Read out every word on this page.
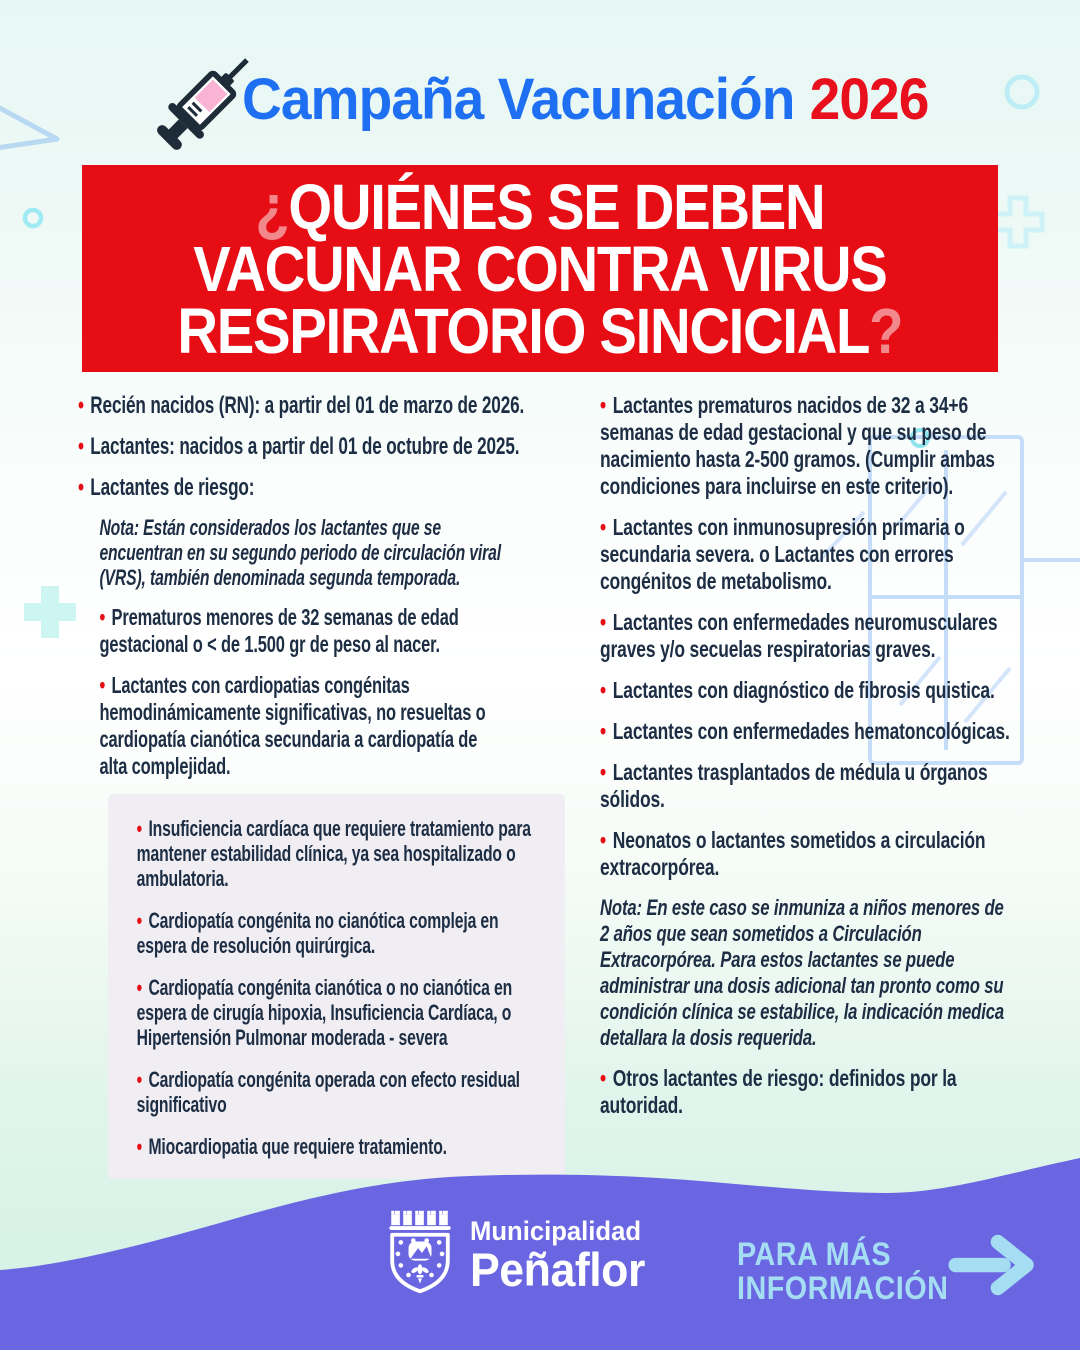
Campaña Vacunación 2026
¿QUIÉNES SE DEBEN
VACUNAR CONTRA VIRUS
RESPIRATORIO SINCICIAL?
• Recién nacidos (RN): a partir del 01 de marzo de 2026.
• Lactantes: nacidos a partir del 01 de octubre de 2025.
• Lactantes de riesgo:
Nota: Están considerados los lactantes que se encuentran en su segundo periodo de circulación viral (VRS), también denominada segunda temporada.
• Prematuros menores de 32 semanas de edad gestacional o < de 1.500 gr de peso al nacer.
• Lactantes con cardiopatias congénitas hemodinámicamente significativas, no resueltas o cardiopatía cianótica secundaria a cardiopatía de alta complejidad.
• Insuficiencia cardíaca que requiere tratamiento para mantener estabilidad clínica, ya sea hospitalizado o ambulatoria.
• Cardiopatía congénita no cianótica compleja en espera de resolución quirúrgica.
• Cardiopatía congénita cianótica o no cianótica en espera de cirugía hipoxia, Insuficiencia Cardíaca, o Hipertensión Pulmonar moderada - severa
• Cardiopatía congénita operada con efecto residual significativo
• Miocardiopatia que requiere tratamiento.
• Lactantes prematuros nacidos de 32 a 34+6 semanas de edad gestacional y que su peso de nacimiento hasta 2-500 gramos. (Cumplir ambas condiciones para incluirse en este criterio).
• Lactantes con inmunosupresión primaria o secundaria severa. o Lactantes con errores congénitos de metabolismo.
• Lactantes con enfermedades neuromusculares graves y/o secuelas respiratorias graves.
• Lactantes con diagnóstico de fibrosis quistica.
• Lactantes con enfermedades hematoncológicas.
• Lactantes trasplantados de médula u órganos sólidos.
• Neonatos o lactantes sometidos a circulación extracorpórea.
Nota: En este caso se inmuniza a niños menores de 2 años que sean sometidos a Circulación Extracorpórea. Para estos lactantes se puede administrar una dosis adicional tan pronto como su condición clínica se estabilice, la indicación medica detallara la dosis requerida.
• Otros lactantes de riesgo: definidos por la autoridad.
Municipalidad
Peñaflor	PARA MÁS
INFORMACIÓN
